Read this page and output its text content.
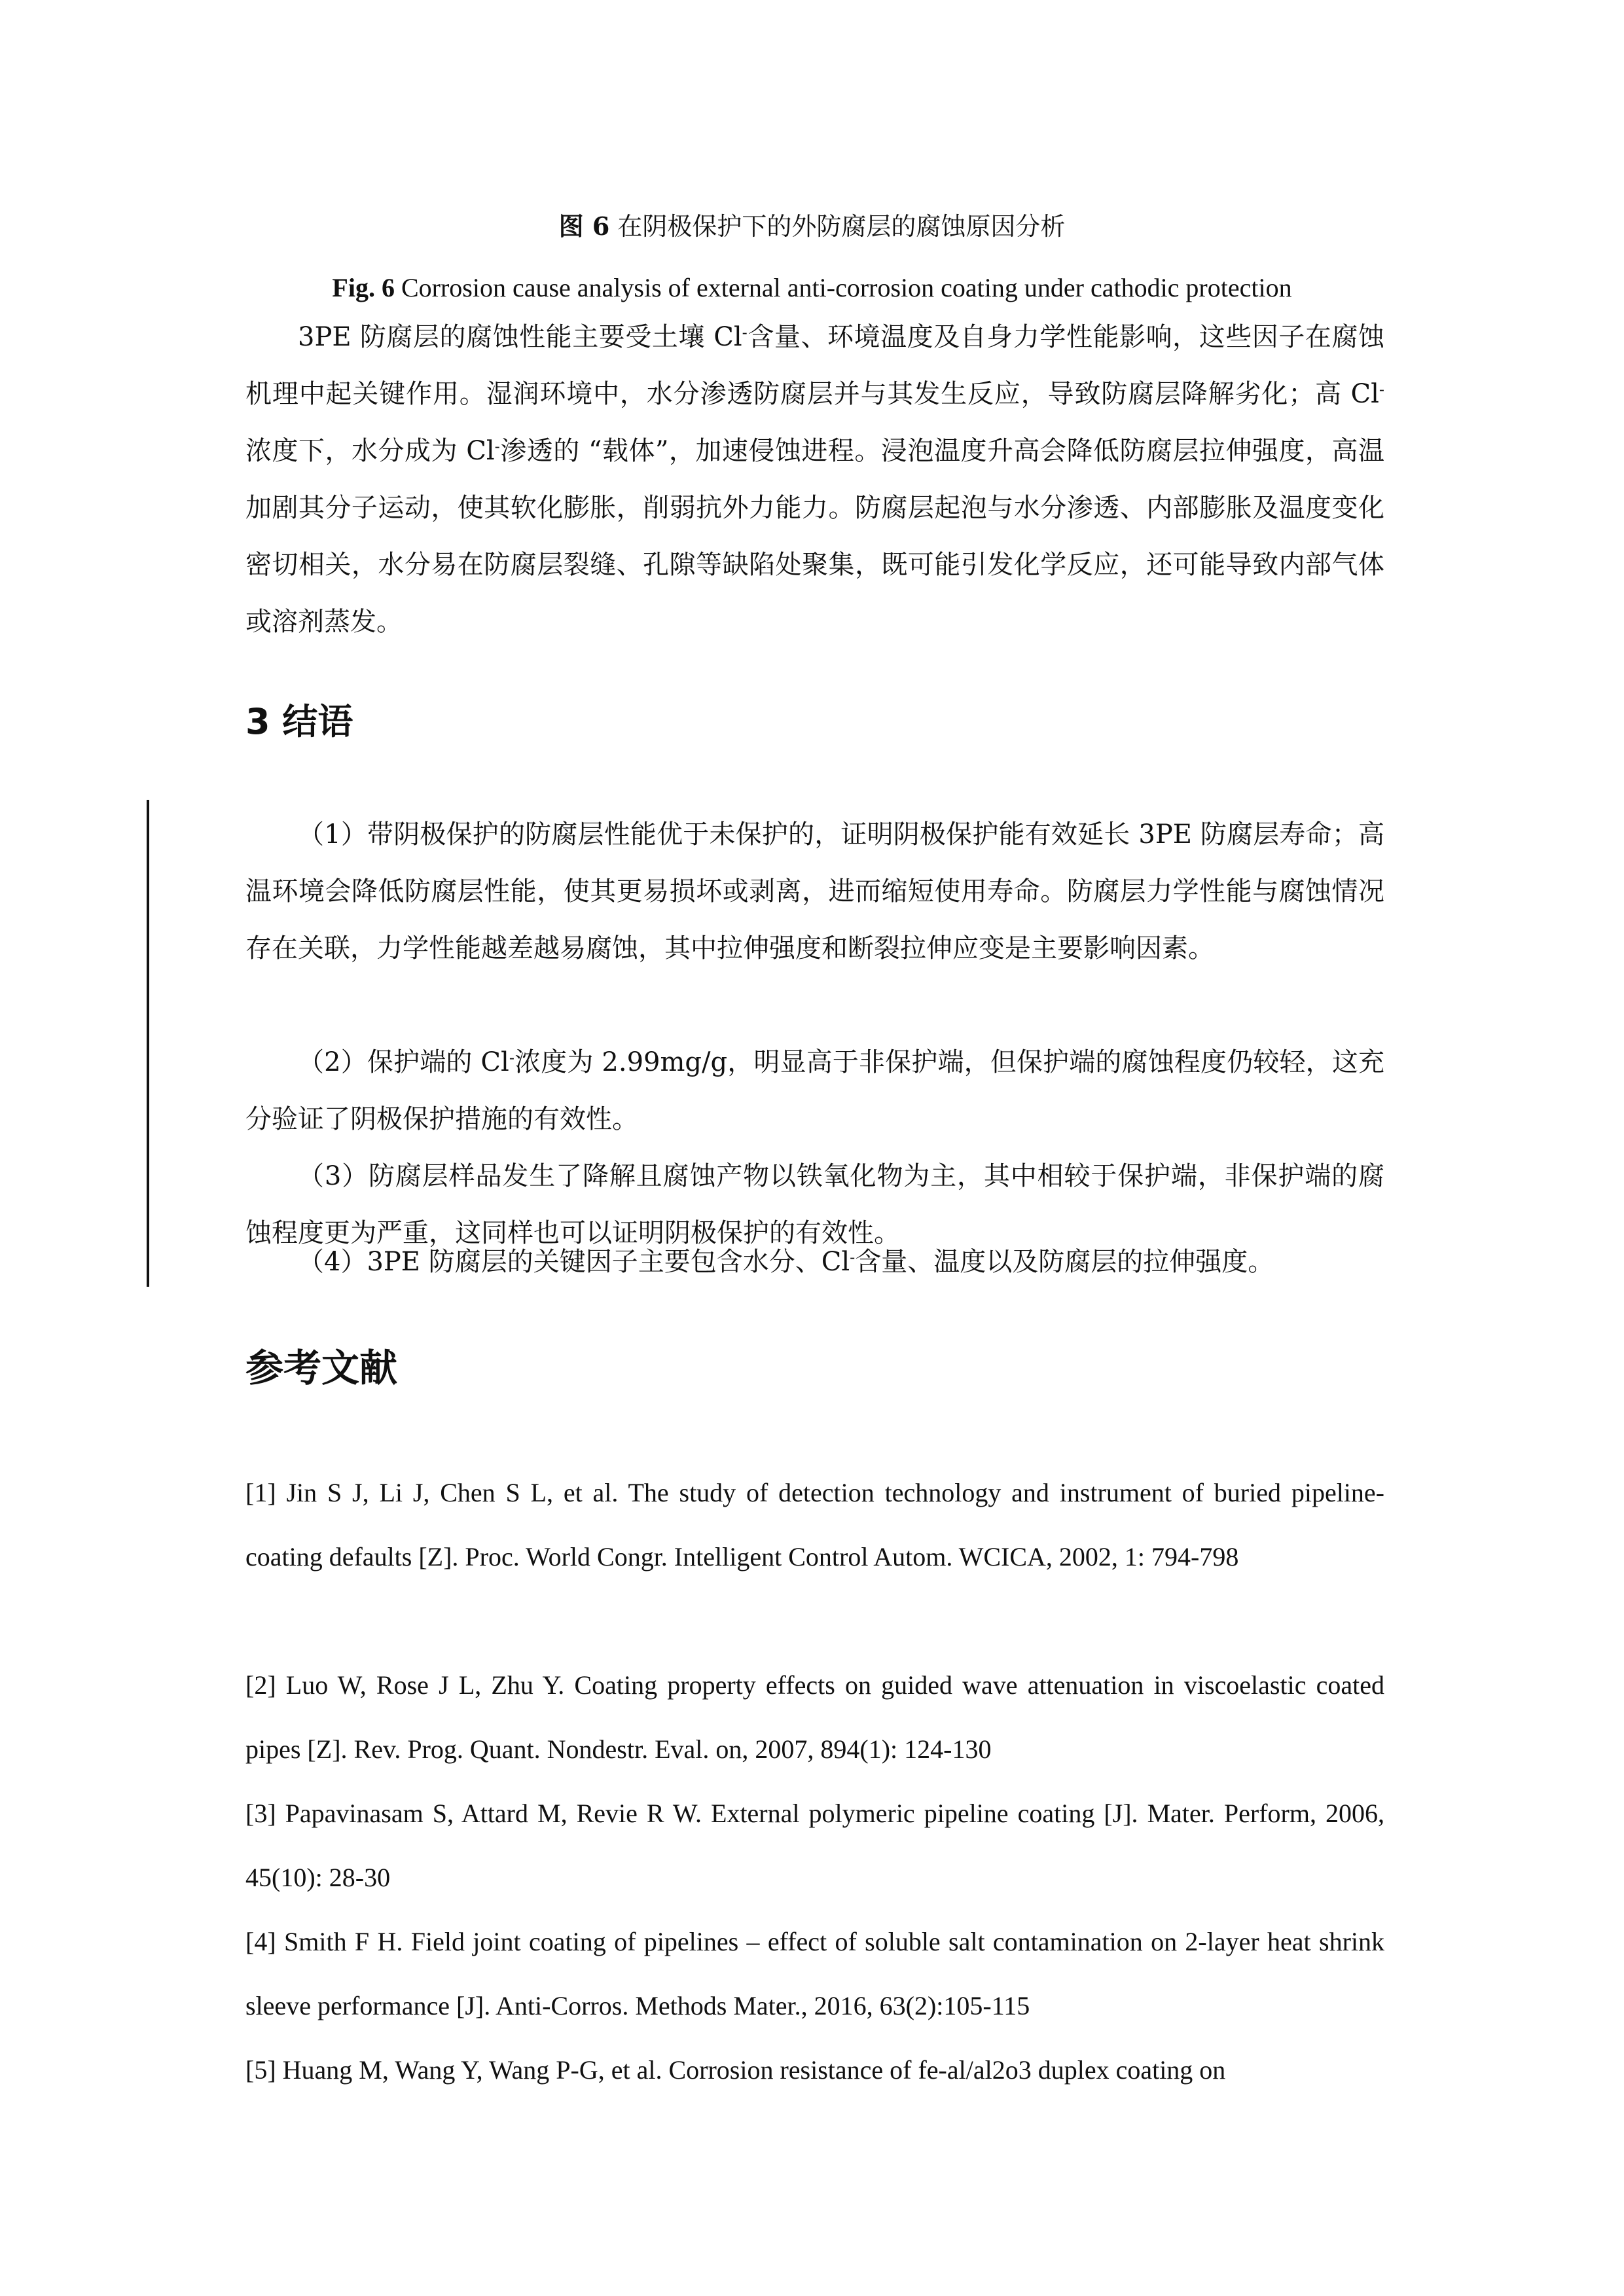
图 6 在阴极保护下的外防腐层的腐蚀原因分析
Fig. 6 Corrosion cause analysis of external anti-corrosion coating under cathodic protection

3PE 防腐层的腐蚀性能主要受土壤 Cl-含量、环境温度及自身力学性能影响，这些因子在腐蚀机理中起关键作用。湿润环境中，水分渗透防腐层并与其发生反应，导致防腐层降解劣化；高 Cl-浓度下，水分成为 Cl-渗透的 “载体”，加速侵蚀进程。浸泡温度升高会降低防腐层拉伸强度，高温加剧其分子运动，使其软化膨胀，削弱抗外力能力。防腐层起泡与水分渗透、内部膨胀及温度变化密切相关，水分易在防腐层裂缝、孔隙等缺陷处聚集，既可能引发化学反应，还可能导致内部气体或溶剂蒸发。

3 结语

（1）带阴极保护的防腐层性能优于未保护的，证明阴极保护能有效延长 3PE 防腐层寿命；高温环境会降低防腐层性能，使其更易损坏或剥离，进而缩短使用寿命。防腐层力学性能与腐蚀情况存在关联，力学性能越差越易腐蚀，其中拉伸强度和断裂拉伸应变是主要影响因素。

（2）保护端的 Cl-浓度为 2.99mg/g，明显高于非保护端，但保护端的腐蚀程度仍较轻，这充分验证了阴极保护措施的有效性。

（3）防腐层样品发生了降解且腐蚀产物以铁氧化物为主，其中相较于保护端，非保护端的腐蚀程度更为严重，这同样也可以证明阴极保护的有效性。

（4）3PE 防腐层的关键因子主要包含水分、Cl-含量、温度以及防腐层的拉伸强度。

参考文献

[1] Jin S J, Li J, Chen S L, et al. The study of detection technology and instrument of buried pipeline-coating defaults [Z]. Proc. World Congr. Intelligent Control Autom. WCICA, 2002, 1: 794-798

[2] Luo W, Rose J L, Zhu Y. Coating property effects on guided wave attenuation in viscoelastic coated pipes [Z]. Rev. Prog. Quant. Nondestr. Eval. on, 2007, 894(1): 124-130

[3] Papavinasam S, Attard M, Revie R W. External polymeric pipeline coating [J]. Mater. Perform, 2006, 45(10): 28-30

[4] Smith F H. Field joint coating of pipelines – effect of soluble salt contamination on 2-layer heat shrink sleeve performance [J]. Anti-Corros. Methods Mater., 2016, 63(2):105-115

[5] Huang M, Wang Y, Wang P-G, et al. Corrosion resistance of fe-al/al2o3 duplex coating on
